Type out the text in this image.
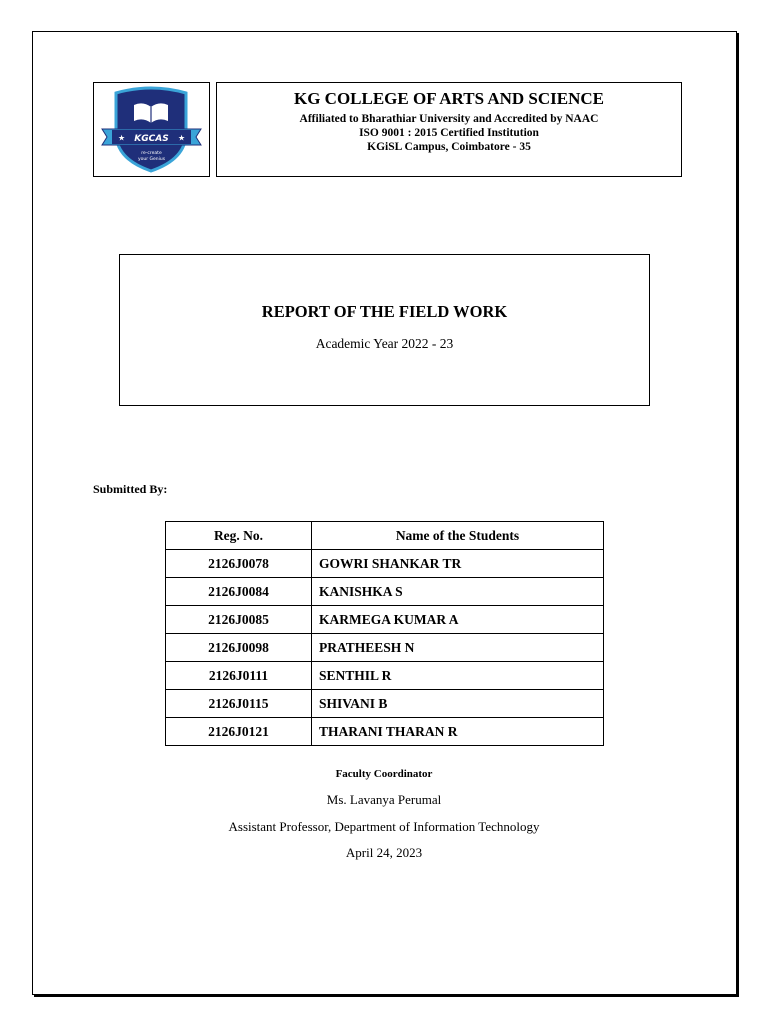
★	★
KGCAS
re-create
your Genius
KG COLLEGE OF ARTS AND SCIENCE
Affiliated to Bharathiar University and Accredited by NAAC
ISO 9001 : 2015 Certified Institution
KGiSL Campus, Coimbatore - 35
REPORT OF THE FIELD WORK
Academic Year 2022 - 23
Submitted By:
Reg. No.	Name of the Students
2126J0078	GOWRI SHANKAR TR
2126J0084	KANISHKA S
2126J0085	KARMEGA KUMAR A
2126J0098	PRATHEESH N
2126J0111	SENTHIL R
2126J0115	SHIVANI B
2126J0121	THARANI THARAN R
Faculty Coordinator
Ms. Lavanya Perumal
Assistant Professor, Department of Information Technology
April 24, 2023
